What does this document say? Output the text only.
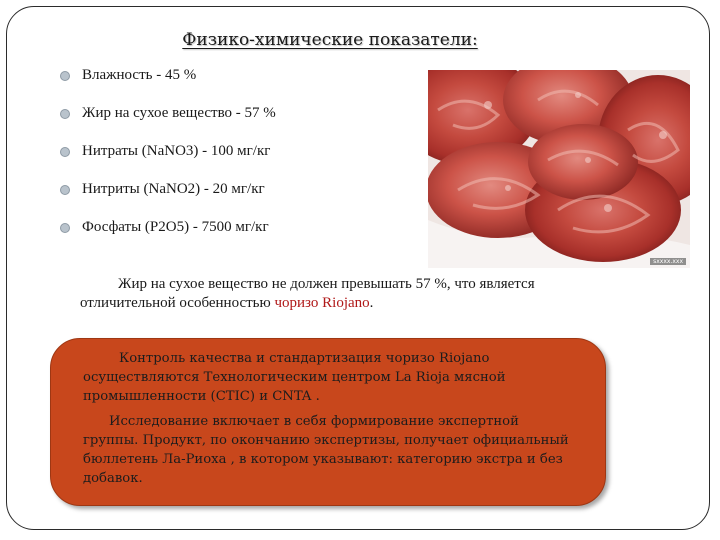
Физико-химические показатели:
Влажность - 45 %
Жир на сухое вещество - 57 %
Нитраты (NaNO3) - 100 мг/кг
Нитриты (NaNO2) - 20 мг/кг
Фосфаты (P2O5) - 7500 мг/кг
sxxxx.xxx
Жир на сухое вещество не должен превышать 57 %, что является отличительной особенностью чоризо Riojano.

Контроль качества и стандартизация чоризо Riojano осуществляются Технологическим центром La Rioja мясной промышленности (CTIC) и CNTA .

Исследование включает в себя формирование экспертной группы. Продукт, по окончанию экспертизы, получает официальный бюллетень Ла-Риоха , в котором указывают: категорию экстра и без добавок.
